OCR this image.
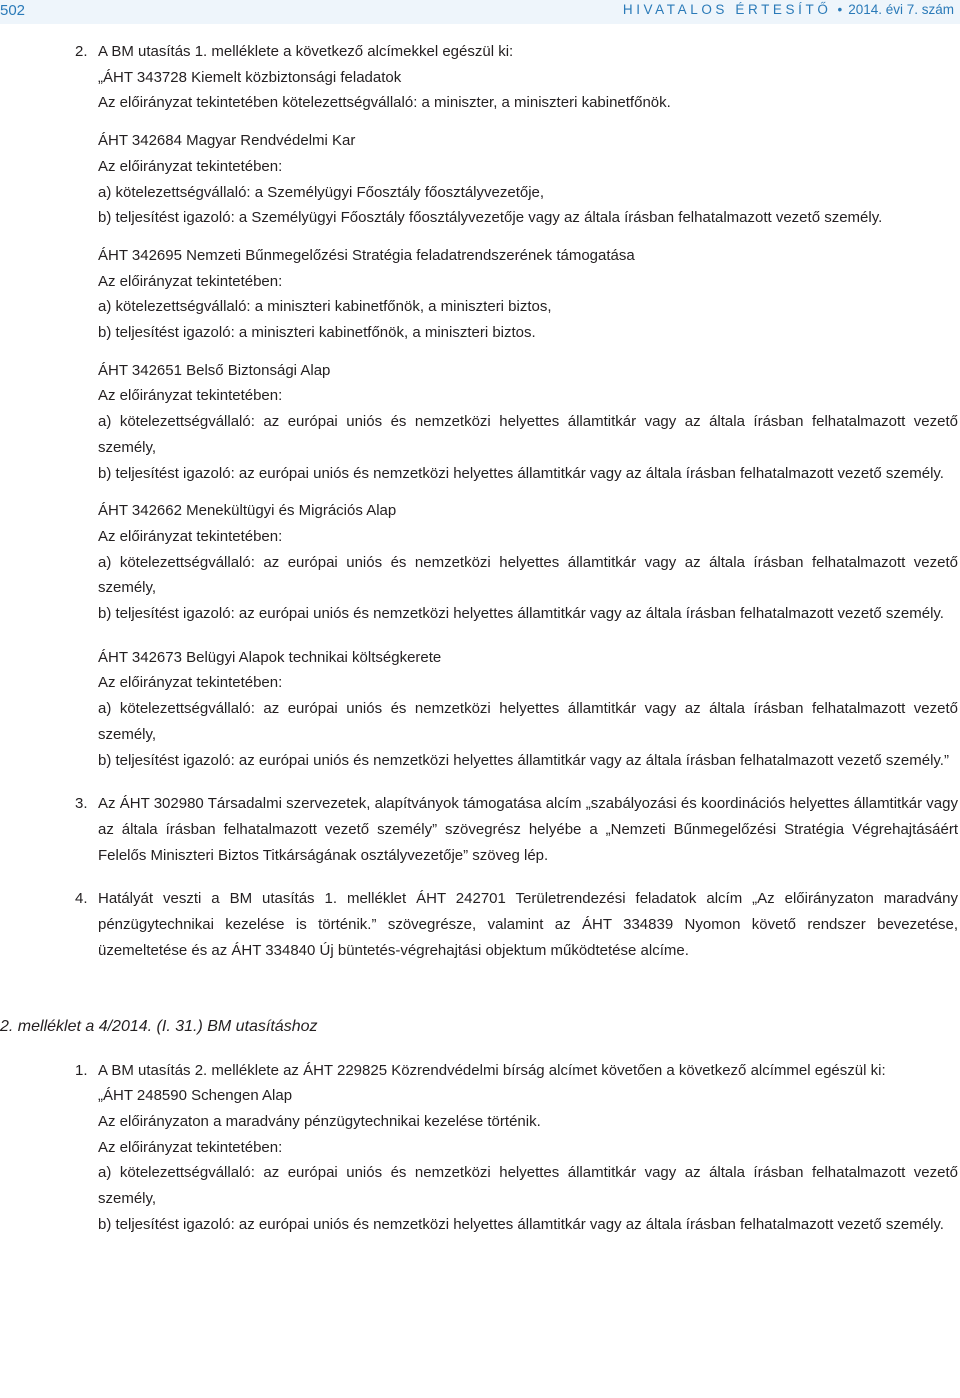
502	HIVATALOS ÉRTESÍTŐ • 2014. évi 7. szám
2. A BM utasítás 1. melléklete a következő alcímekkel egészül ki:
„ÁHT 343728 Kiemelt közbiztonsági feladatok
Az előirányzat tekintetében kötelezettségvállaló: a miniszter, a miniszteri kabinetfőnök.
ÁHT 342684 Magyar Rendvédelmi Kar
Az előirányzat tekintetében:
a) kötelezettségvállaló: a Személyügyi Főosztály főosztályvezetője,
b) teljesítést igazoló: a Személyügyi Főosztály főosztályvezetője vagy az általa írásban felhatalmazott vezető személy.
ÁHT 342695 Nemzeti Bűnmegelőzési Stratégia feladatrendszerének támogatása
Az előirányzat tekintetében:
a) kötelezettségvállaló: a miniszteri kabinetfőnök, a miniszteri biztos,
b) teljesítést igazoló: a miniszteri kabinetfőnök, a miniszteri biztos.
ÁHT 342651 Belső Biztonsági Alap
Az előirányzat tekintetében:
a) kötelezettségvállaló: az európai uniós és nemzetközi helyettes államtitkár vagy az általa írásban felhatalmazott vezető személy,
b) teljesítést igazoló: az európai uniós és nemzetközi helyettes államtitkár vagy az általa írásban felhatalmazott vezető személy.
ÁHT 342662 Menekültügyi és Migrációs Alap
Az előirányzat tekintetében:
a) kötelezettségvállaló: az európai uniós és nemzetközi helyettes államtitkár vagy az általa írásban felhatalmazott vezető személy,
b) teljesítést igazoló: az európai uniós és nemzetközi helyettes államtitkár vagy az általa írásban felhatalmazott vezető személy.
ÁHT 342673 Belügyi Alapok technikai költségkerete
Az előirányzat tekintetében:
a) kötelezettségvállaló: az európai uniós és nemzetközi helyettes államtitkár vagy az általa írásban felhatalmazott vezető személy,
b) teljesítést igazoló: az európai uniós és nemzetközi helyettes államtitkár vagy az általa írásban felhatalmazott vezető személy.”
3. Az ÁHT 302980 Társadalmi szervezetek, alapítványok támogatása alcím „szabályozási és koordinációs helyettes államtitkár vagy az általa írásban felhatalmazott vezető személy” szövegrész helyébe a „Nemzeti Bűnmegelőzési Stratégia Végrehajtásáért Felelős Miniszteri Biztos Titkárságának osztályvezetője” szöveg lép.
4. Hatályát veszti a BM utasítás 1. melléklet ÁHT 242701 Területrendezési feladatok alcím „Az előirányzaton maradvány pénzügytechnikai kezelése is történik.” szövegrésze, valamint az ÁHT 334839 Nyomon követő rendszer bevezetése, üzemeltetése és az ÁHT 334840 Új büntetés-végrehajtási objektum működtetése alcíme.
2. melléklet a 4/2014. (I. 31.) BM utasításhoz
1. A BM utasítás 2. melléklete az ÁHT 229825 Közrendvédelmi bírság alcímet követően a következő alcímmel egészül ki:
„ÁHT 248590 Schengen Alap
Az előirányzaton a maradvány pénzügytechnikai kezelése történik.
Az előirányzat tekintetében:
a) kötelezettségvállaló: az európai uniós és nemzetközi helyettes államtitkár vagy az általa írásban felhatalmazott vezető személy,
b) teljesítést igazoló: az európai uniós és nemzetközi helyettes államtitkár vagy az általa írásban felhatalmazott vezető személy.
